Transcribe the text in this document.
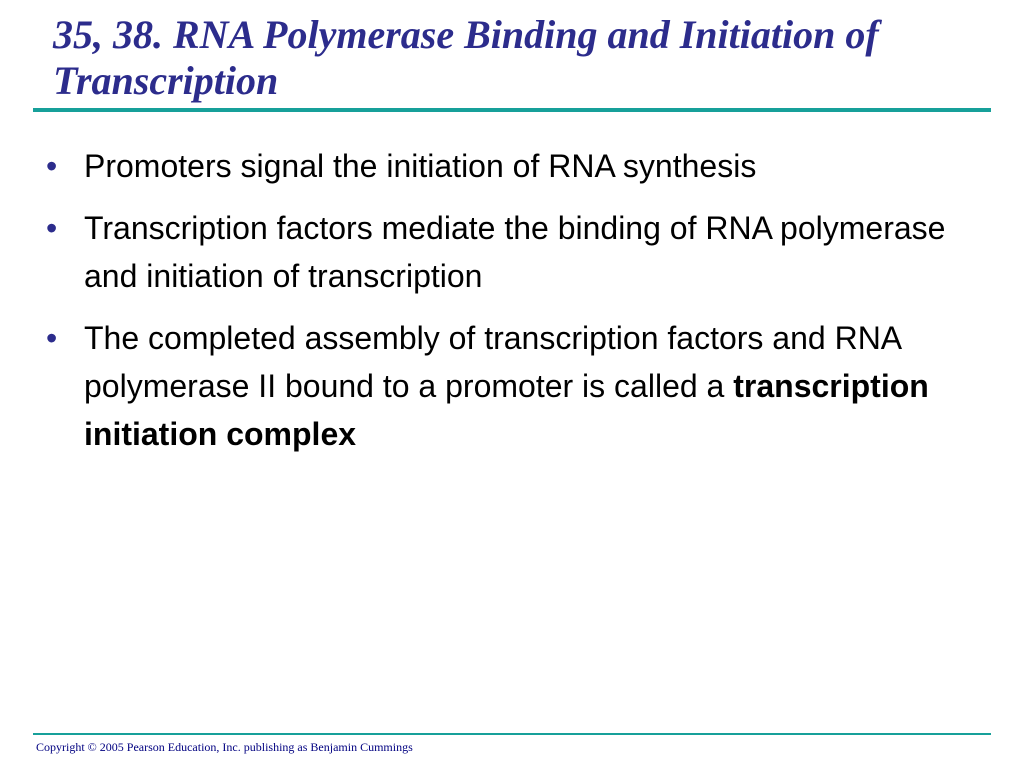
35, 38. RNA Polymerase Binding and Initiation of Transcription
• Promoters signal the initiation of RNA synthesis
• Transcription factors mediate the binding of RNA polymerase and initiation of transcription
• The completed assembly of transcription factors and RNA polymerase II bound to a promoter is called a transcription initiation complex
Copyright © 2005 Pearson Education, Inc. publishing as Benjamin Cummings
